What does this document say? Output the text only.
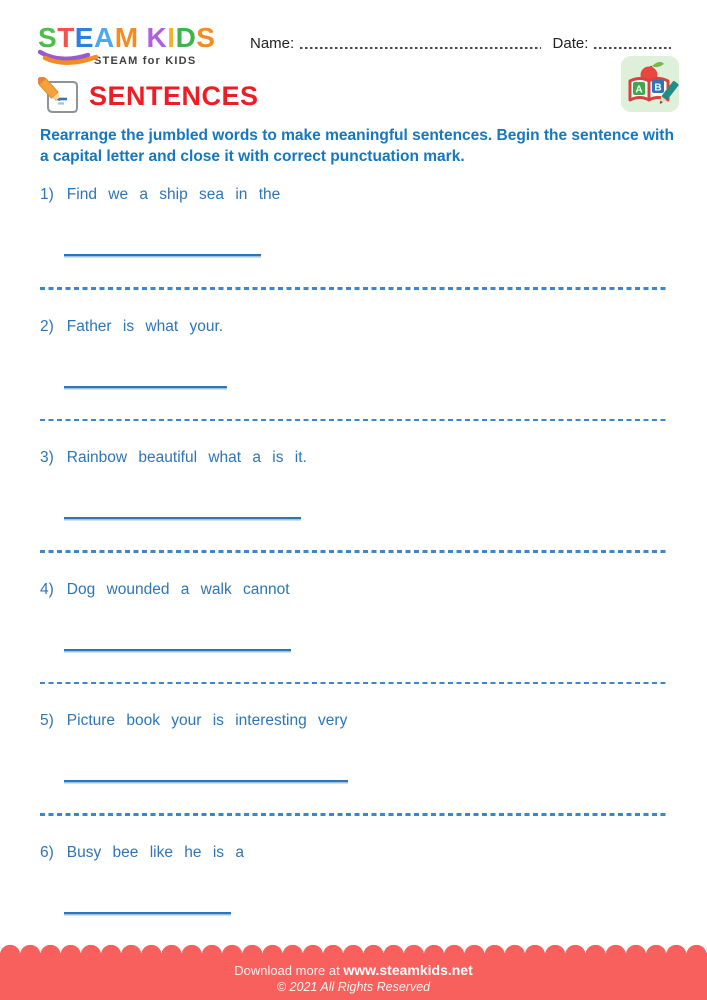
STEAM KIDS
STEAM for KIDS
Name:	Date:
SENTENCES	A B

Rearrange the jumbled words to make meaningful sentences. Begin the sentence with a capital letter and close it with correct punctuation mark.

1) Find we a ship sea in the
2) Father is what your.
3) Rainbow beautiful what a is it.
4) Dog wounded a walk cannot
5) Picture book your is interesting very
6) Busy bee like he is a
Download more at www.steamkids.net
© 2021 All Rights Reserved
